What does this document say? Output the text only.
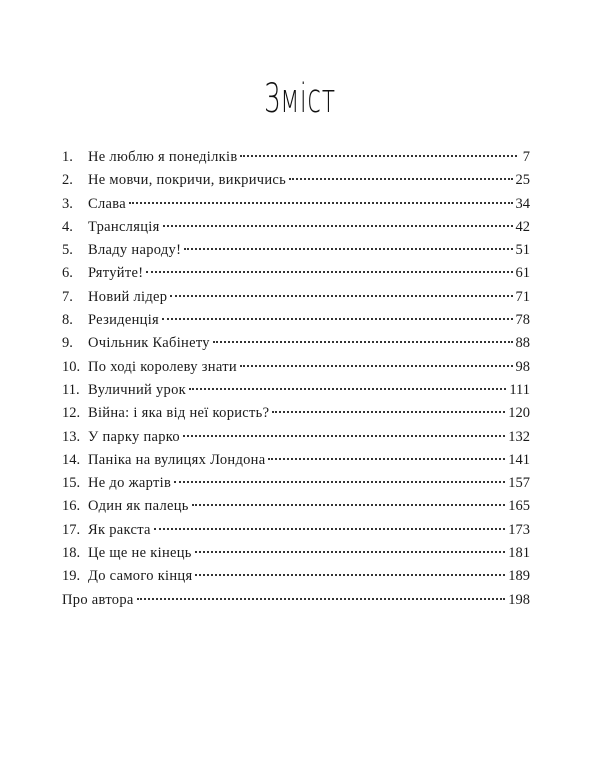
Зміст
1.	Не люблю я понеділків	7
2.	Не мовчи, покричи, викричись	25
3.	Слава	34
4.	Трансляція	42
5.	Владу народу!	51
6.	Рятуйте!	61
7.	Новий лідер	71
8.	Резиденція	78
9.	Очільник Кабінету	88
10. По ході королеву знати	98
11. Вуличний урок	111
12. Війна: і яка від неї користь?	120
13. У парку парко	132
14. Паніка на вулицях Лондона	141
15. Не до жартів	157
16. Один як палець	165
17. Як ракста	173
18. Це ще не кінець	181
19. До самого кінця	189
Про автора	198
